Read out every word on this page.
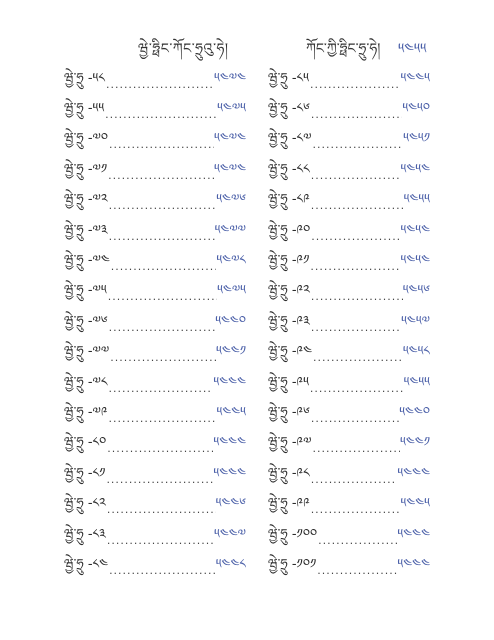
ཝྱེ་ཧྥིང་ཀོང་ཧྲུའུ་ཧེ།	ཀོང་ཀྱི་ཧྥིང་ཧྲུ་ཧེ། ༥༤༥༥
ཝྱེ་ཧྲུ -༥༨ .....	༥༤༧༤
ཝྱེ་ཧྲུ -༥༥ .....	༥༤༧༥
ཝྱེ་ཧྲུ -༧༠ .....	༥༤༧༤
ཝྱེ་ཧྲུ -༧༡ .....	༥༤༧༤
ཝྱེ་ཧྲུ -༧༢ .....	༥༤༧༦
ཝྱེ་ཧྲུ -༧༣ .....	༥༤༧༧
ཝྱེ་ཧྲུ -༧༤ .....	༥༤༧༨
ཝྱེ་ཧྲུ -༧༥ .....	༥༤༧༥
ཝྱེ་ཧྲུ -༧༦ .....	༥༤༤༠
ཝྱེ་ཧྲུ -༧༧ .....	༥༤༤༡
ཝྱེ་ཧྲུ -༧༨ .....	༥༤༤༤
ཝྱེ་ཧྲུ -༧༩ .....	༥༤༤༥
ཝྱེ་ཧྲུ -༨༠ .....	༥༤༤༤
ཝྱེ་ཧྲུ -༨༡ .....	༥༤༤༤
ཝྱེ་ཧྲུ -༨༢ .....	༥༤༤༦
ཝྱེ་ཧྲུ -༨༣ .....	༥༤༤༧
ཝྱེ་ཧྲུ -༨༤ .....	༥༤༤༨
ཝྱེ་ཧྲུ -༨༥ .....	༥༤༤༥
ཝྱེ་ཧྲུ -༨༦ .....	༥༤༥༠
ཝྱེ་ཧྲུ -༨༧ .....	༥༤༥༡
ཝྱེ་ཧྲུ -༨༨ .....	༥༤༥༤
ཝྱེ་ཧྲུ -༨༩ .....	༥༤༥༥
ཝྱེ་ཧྲུ -༩༠ .....	༥༤༥༤
ཝྱེ་ཧྲུ -༩༡ .....	༥༤༥༤
ཝྱེ་ཧྲུ -༩༢ .....	༥༤༥༦
ཝྱེ་ཧྲུ -༩༣ .....	༥༤༥༧
ཝྱེ་ཧྲུ -༩༤ .....	༥༤༥༨
ཝྱེ་ཧྲུ -༩༥ .....	༥༤༥༥
ཝྱེ་ཧྲུ -༩༦ .....	༥༤༤༠
ཝྱེ་ཧྲུ -༩༧ .....	༥༤༤༡
ཝྱེ་ཧྲུ -༩༨ .....	༥༤༤༤
ཝྱེ་ཧྲུ -༩༩ .....	༥༤༤༥
ཝྱེ་ཧྲུ -༡༠༠ .....	༥༤༤༤
ཝྱེ་ཧྲུ -༡༠༡ .....	༥༤༤༤
